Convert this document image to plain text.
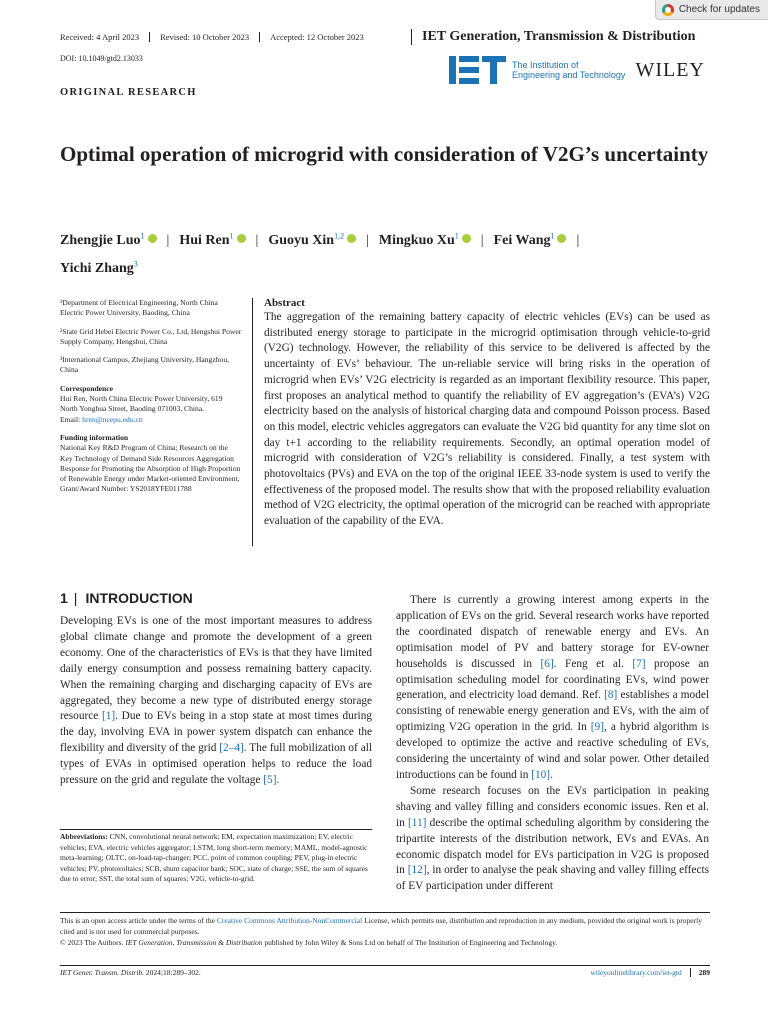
Check for updates
Received: 4 April 2023	Revised: 10 October 2023	Accepted: 12 October 2023	IET Generation, Transmission & Distribution
DOI: 10.1049/gtd2.13033
The Institution of
Engineering and Technology WILEY
ORIGINAL RESEARCH
Optimal operation of microgrid with consideration of V2G’s uncertainty
Zhengjie Luo$^1$ | Hui Ren$^1$ | Guoyu Xin$^{1,2}$ | Mingkuo Xu$^1$ | Fei Wang$^1$ |
Yichi Zhang$^3$

¹Department of Electrical Engineering, North China Electric Power University, Baoding, China

²State Grid Hebei Electric Power Co., Ltd, Hengshui Power Supply Company, Hengshui, China

³International Campus, Zhejiang University, Hangzhou, China

Correspondence

Hui Ren, North China Electric Power University, 619 North Yonghua Street, Baoding 071003, China.
Email: hren@ncepu.edu.cn

Funding information

National Key R&D Program of China; Research on the Key Technology of Demand Side Resources Aggregation Response for Promoting the Absorption of High Proportion of Renewable Energy under Market-oriented Environment, Grant/Award Number: YS2018YFE011788

Abstract

The aggregation of the remaining battery capacity of electric vehicles (EVs) can be used as distributed energy storage to participate in the microgrid optimisation through vehicle-to-grid (V2G) technology. However, the reliability of this service to be delivered is affected by the uncertainty of EVs’ behaviour. The un-reliable service will bring risks in the operation of microgrid when EVs’ V2G electricity is regarded as an important flexibility resource. This paper, first proposes an analytical method to quantify the reliability of EV aggregation’s (EVA’s) V2G electricity based on the analysis of historical charging data and compound Poisson process. Based on this model, electric vehicles aggregators can evaluate the V2G bid quantity for any time slot on day t+1 according to the reliability requirements. Secondly, an optimal operation model of microgrid with consideration of V2G’s reliability is considered. Finally, a test system with photovoltaics (PVs) and EVA on the top of the original IEEE 33-node system is used to verify the effectiveness of the proposed model. The results show that with the proposed reliability evaluation method of V2G electricity, the optimal operation of the microgrid can be reached with appropriate evaluation of the capability of the EVA.

1 | INTRODUCTION

Developing EVs is one of the most important measures to address global climate change and promote the development of a green economy. One of the characteristics of EVs is that they have limited daily energy consumption and possess remaining battery capacity. When the remaining charging and discharging capacity of EVs are aggregated, they become a new type of distributed energy storage resource [1]. Due to EVs being in a stop state at most times during the day, involving EVA in power system dispatch can enhance the flexibility and diversity of the grid [2–4]. The full mobilization of all types of EVAs in optimised operation helps to reduce the load pressure on the grid and regulate the voltage [5].

There is currently a growing interest among experts in the application of EVs on the grid. Several research works have reported the coordinated dispatch of renewable energy and EVs. An optimisation model of PV and battery storage for EV-owner households is discussed in [6]. Feng et al. [7] propose an optimisation scheduling model for coordinating EVs, wind power generation, and electricity load demand. Ref. [8] establishes a model consisting of renewable energy generation and EVs, with the aim of optimizing V2G operation in the grid. In [9], a hybrid algorithm is developed to optimize the active and reactive scheduling of EVs, considering the uncertainty of wind and solar power. Other detailed introductions can be found in [10].

Some research focuses on the EVs participation in peaking shaving and valley filling and considers economic issues. Ren et al. in [11] describe the optimal scheduling algorithm by considering the tripartite interests of the distribution network, EVs and EVAs. An economic dispatch model for EVs participation in V2G is proposed in [12], in order to analyse the peak shaving and valley filling effects of EV participation under different

Abbreviations: CNN, convolutional neural network; EM, expectation maximization; EV, electric vehicles; EVA, electric vehicles aggregator; LSTM, long short-term memory; MAML, model-agnostic meta-learning; OLTC, on-load-tap-changer; PCC, point of common coupling; PEV, plug-in electric vehicles; PV, photovoltaics; SCB, shunt capacitor bank; SOC, state of charge; SSE, the sum of squares due to error; SST, the total sum of squares; V2G, vehicle-to-grid.
This is an open access article under the terms of the Creative Commons Attribution-NonCommercial License, which permits use, distribution and reproduction in any medium, provided the original work is properly cited and is not used for commercial purposes.
© 2023 The Authors. IET Generation, Transmission & Distribution published by John Wiley & Sons Ltd on behalf of The Institution of Engineering and Technology.
IET Gener. Transm. Distrib. 2024;18:289–302.	wileyonlinelibrary.com/iet-gtd	289
